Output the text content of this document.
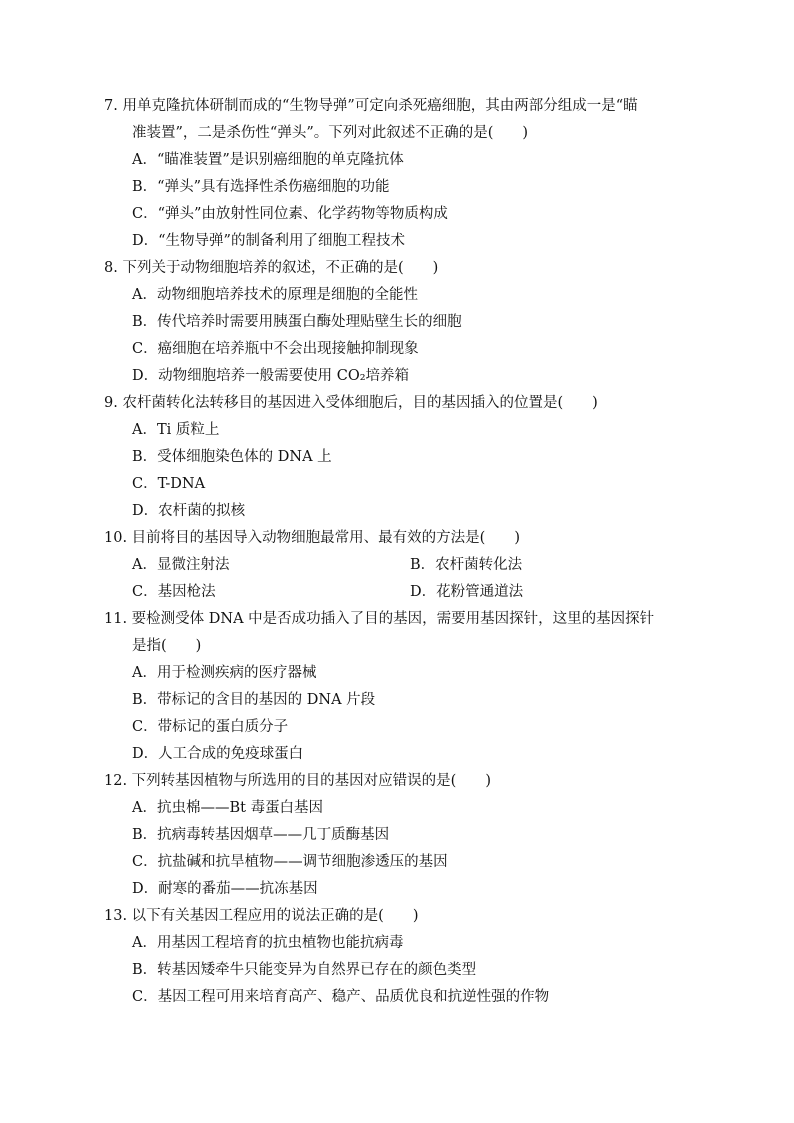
7. 用单克隆抗体研制而成的“生物导弹”可定向杀死癌细胞，其由两部分组成一是“瞄
准装置”，二是杀伤性“弹头”。下列对此叙述不正确的是(　　)
A．“瞄准装置”是识别癌细胞的单克隆抗体
B．“弹头”具有选择性杀伤癌细胞的功能
C．“弹头”由放射性同位素、化学药物等物质构成
D．“生物导弹”的制备利用了细胞工程技术
8. 下列关于动物细胞培养的叙述，不正确的是(　　)
A．动物细胞培养技术的原理是细胞的全能性
B．传代培养时需要用胰蛋白酶处理贴壁生长的细胞
C．癌细胞在培养瓶中不会出现接触抑制现象
D．动物细胞培养一般需要使用 CO₂培养箱
9. 农杆菌转化法转移目的基因进入受体细胞后，目的基因插入的位置是(　　)
A．Ti 质粒上
B．受体细胞染色体的 DNA 上
C．T-DNA
D．农杆菌的拟核
10. 目前将目的基因导入动物细胞最常用、最有效的方法是(　　)
A．显微注射法	B．农杆菌转化法
C．基因枪法	D．花粉管通道法
11. 要检测受体 DNA 中是否成功插入了目的基因，需要用基因探针，这里的基因探针
是指(　　)
A．用于检测疾病的医疗器械
B．带标记的含目的基因的 DNA 片段
C．带标记的蛋白质分子
D．人工合成的免疫球蛋白
12. 下列转基因植物与所选用的目的基因对应错误的是(　　)
A．抗虫棉——Bt 毒蛋白基因
B．抗病毒转基因烟草——几丁质酶基因
C．抗盐碱和抗旱植物——调节细胞渗透压的基因
D．耐寒的番茄——抗冻基因
13. 以下有关基因工程应用的说法正确的是(　　)
A．用基因工程培育的抗虫植物也能抗病毒
B．转基因矮牵牛只能变异为自然界已存在的颜色类型
C．基因工程可用来培育高产、稳产、品质优良和抗逆性强的作物
